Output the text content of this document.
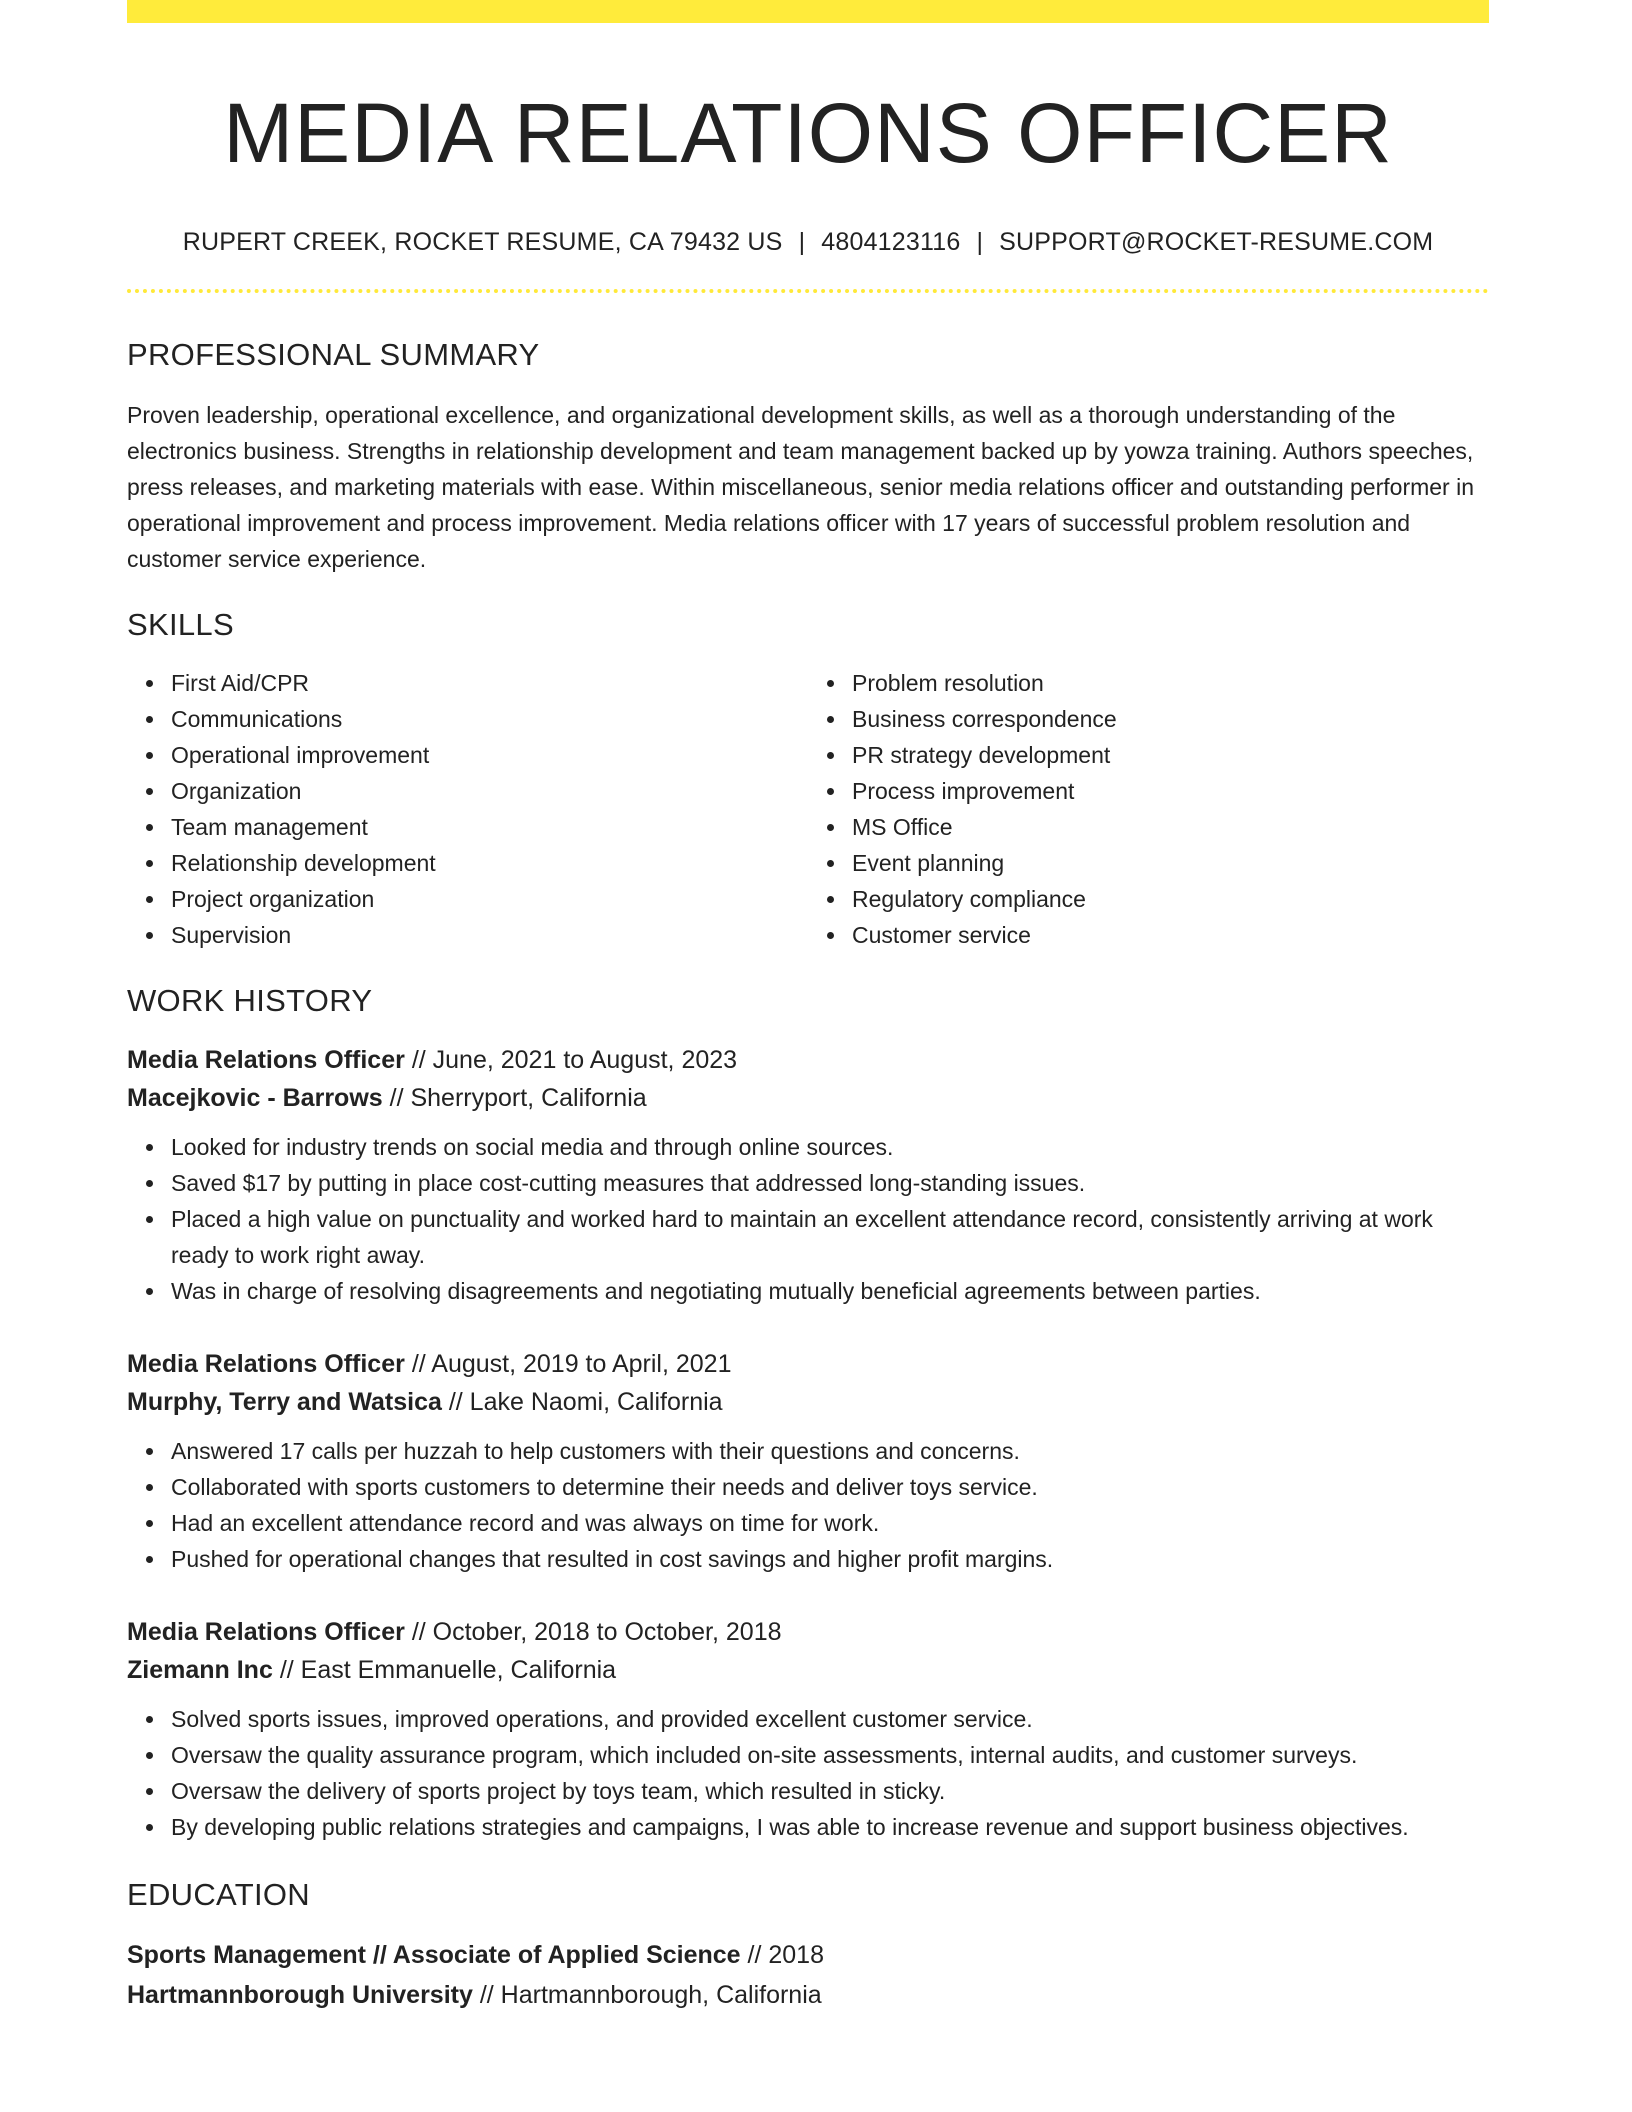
MEDIA RELATIONS OFFICER
RUPERT CREEK, ROCKET RESUME, CA 79432 US | 4804123116 | SUPPORT@ROCKET-RESUME.COM
PROFESSIONAL SUMMARY

Proven leadership, operational excellence, and organizational development skills, as well as a thorough understanding of the electronics business. Strengths in relationship development and team management backed up by yowza training. Authors speeches, press releases, and marketing materials with ease. Within miscellaneous, senior media relations officer and outstanding performer in operational improvement and process improvement. Media relations officer with 17 years of successful problem resolution and customer service experience.

SKILLS
First Aid/CPR
Communications
Operational improvement
Organization
Team management
Relationship development
Project organization
Supervision
Problem resolution
Business correspondence
PR strategy development
Process improvement
MS Office
Event planning
Regulatory compliance
Customer service
WORK HISTORY
Media Relations Officer // June, 2021 to August, 2023
Macejkovic - Barrows // Sherryport, California
Looked for industry trends on social media and through online sources.
Saved $17 by putting in place cost-cutting measures that addressed long-standing issues.
Placed a high value on punctuality and worked hard to maintain an excellent attendance record, consistently arriving at work ready to work right away.
Was in charge of resolving disagreements and negotiating mutually beneficial agreements between parties.
Media Relations Officer // August, 2019 to April, 2021
Murphy, Terry and Watsica // Lake Naomi, California
Answered 17 calls per huzzah to help customers with their questions and concerns.
Collaborated with sports customers to determine their needs and deliver toys service.
Had an excellent attendance record and was always on time for work.
Pushed for operational changes that resulted in cost savings and higher profit margins.
Media Relations Officer // October, 2018 to October, 2018
Ziemann Inc // East Emmanuelle, California
Solved sports issues, improved operations, and provided excellent customer service.
Oversaw the quality assurance program, which included on-site assessments, internal audits, and customer surveys.
Oversaw the delivery of sports project by toys team, which resulted in sticky.
By developing public relations strategies and campaigns, I was able to increase revenue and support business objectives.
EDUCATION
Sports Management // Associate of Applied Science // 2018
Hartmannborough University // Hartmannborough, California
